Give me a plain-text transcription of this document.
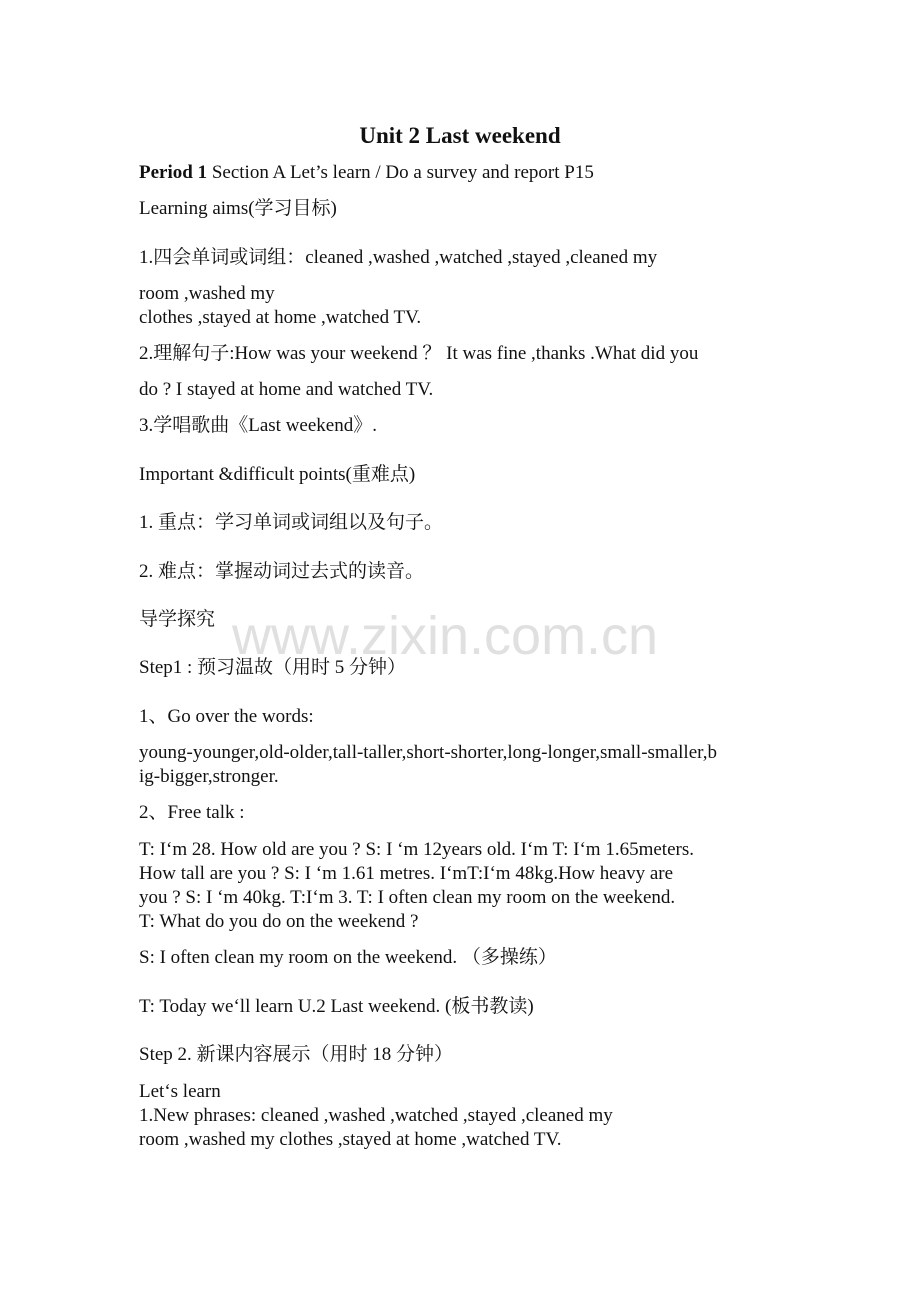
Unit 2 Last weekend
Period 1 Section A Let’s learn / Do a survey and report P15
Learning aims(学习目标)
1.四会单词或词组：cleaned ,washed ,watched ,stayed ,cleaned my
room ,washed my
clothes ,stayed at home ,watched TV.
2.理解句子:How was your weekend ？ It was fine ,thanks .What did you
do ? I stayed at home and watched TV.
3.学唱歌曲《Last weekend》.
Important &difficult points(重难点)
1. 重点：学习单词或词组以及句子。
2. 难点：掌握动词过去式的读音。
导学探究
Step1 : 预习温故（用时 5 分钟）
1、Go over the words:
young-younger,old-older,tall-taller,short-shorter,long-longer,small-smaller,b
ig-bigger,stronger.
2、Free talk :
T: I‘m 28. How old are you ? S: I ‘m 12years old. I‘m T: I‘m 1.65meters.
How tall are you ? S: I ‘m 1.61 metres. I‘mT:I‘m 48kg.How heavy are
you ? S: I ‘m 40kg. T:I‘m 3. T: I often clean my room on the weekend.
T: What do you do on the weekend ?
S: I often clean my room on the weekend. （多操练）
T: Today we‘ll learn U.2 Last weekend. (板书教读)
Step 2. 新课内容展示（用时 18 分钟）
Let‘s learn
1.New phrases: cleaned ,washed ,watched ,stayed ,cleaned my
room ,washed my clothes ,stayed at home ,watched TV.
www.zixin.com.cn
